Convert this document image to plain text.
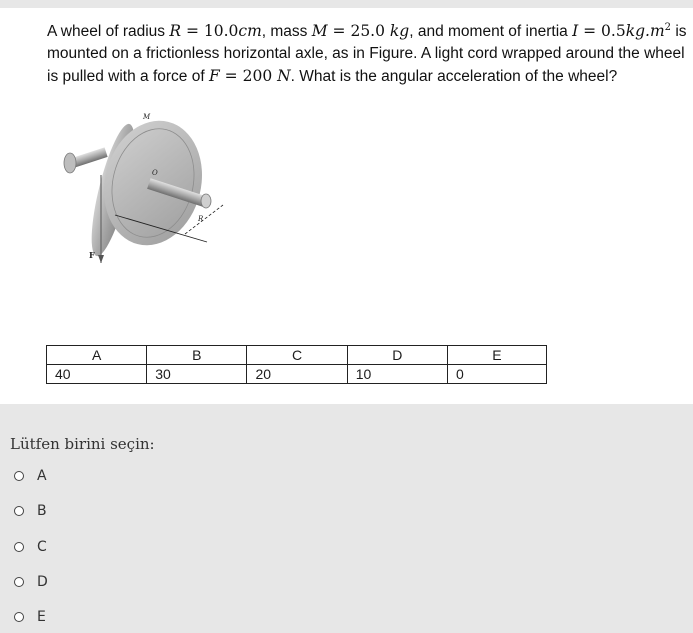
A wheel of radius R = 10.0cm, mass M = 25.0 kg, and moment of inertia $I = 0.5kg.m^2$ is mounted on a frictionless horizontal axle, as in Figure. A light cord wrapped around the wheel is pulled with a force of F = 200 N. What is the angular acceleration of the wheel?
M
O
R
F
A	B	C	D	E
40	30	20	10	0
Lütfen birini seçin:
A
B
C
D
E
